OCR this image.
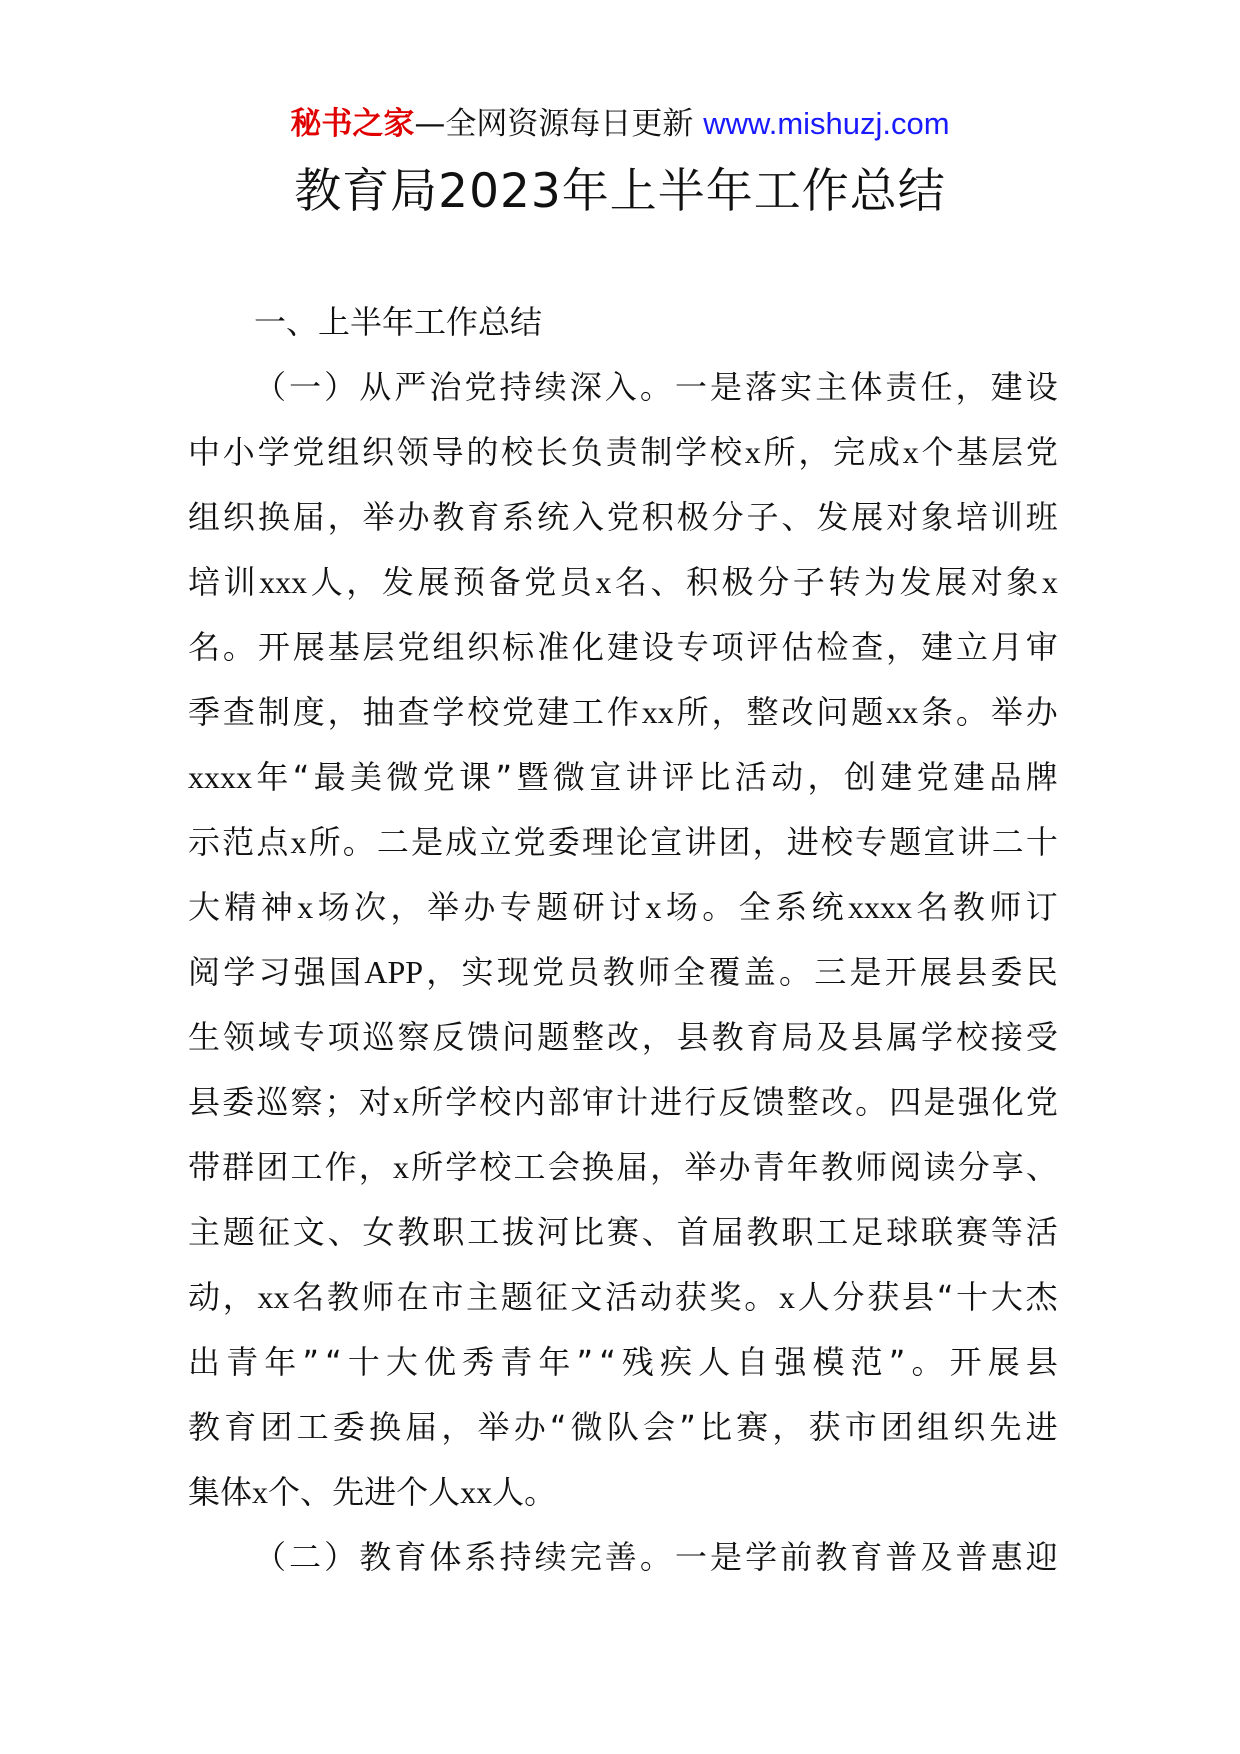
秘书之家—全网资源每日更新 www.mishuzj.com
教育局2023年上半年工作总结
一、上半年工作总结
（ 一 ） 从 严 治 党 持 续 深 入 。 一 是 落 实 主 体 责 任 ， 建 设
中 小 学 党 组 织 领 导 的 校 长 负 责 制 学 校 x 所 ， 完 成 x 个 基 层 党
组 织 换 届 ， 举 办 教 育 系 统 入 党 积 极 分 子 、 发 展 对 象 培 训 班
培 训 xxx 人 ， 发 展 预 备 党 员 x 名 、 积 极 分 子 转 为 发 展 对 象 x
名 。 开 展 基 层 党 组 织 标 准 化 建 设 专 项 评 估 检 查 ， 建 立 月 审
季 查 制 度 ， 抽 查 学 校 党 建 工 作 xx 所 ， 整 改 问 题 xx 条 。 举 办
xxxx 年 “ 最 美 微 党 课 ” 暨 微 宣 讲 评 比 活 动 ， 创 建 党 建 品 牌
示 范 点 x 所 。 二 是 成 立 党 委 理 论 宣 讲 团 ， 进 校 专 题 宣 讲 二 十
大 精 神 x 场 次 ， 举 办 专 题 研 讨 x 场 。 全 系 统 xxxx 名 教 师 订
阅 学 习 强 国 APP ， 实 现 党 员 教 师 全 覆 盖 。 三 是 开 展 县 委 民
生 领 域 专 项 巡 察 反 馈 问 题 整 改 ， 县 教 育 局 及 县 属 学 校 接 受
县 委 巡 察 ； 对 x 所 学 校 内 部 审 计 进 行 反 馈 整 改 。 四 是 强 化 党
带 群 团 工 作 ， x 所 学 校 工 会 换 届 ， 举 办 青 年 教 师 阅 读 分 享 、
主 题 征 文 、 女 教 职 工 拔 河 比 赛 、 首 届 教 职 工 足 球 联 赛 等 活
动 ， xx 名 教 师 在 市 主 题 征 文 活 动 获 奖 。 x 人 分 获 县 “ 十 大 杰
出 青 年 ” “ 十 大 优 秀 青 年 ” “ 残 疾 人 自 强 模 范 ” 。 开 展 县
教 育 团 工 委 换 届 ， 举 办 “ 微 队 会 ” 比 赛 ， 获 市 团 组 织 先 进
集 体 x 个 、 先 进 个 人 xx 人 。
（ 二 ） 教 育 体 系 持 续 完 善 。 一 是 学 前 教 育 普 及 普 惠 迎
